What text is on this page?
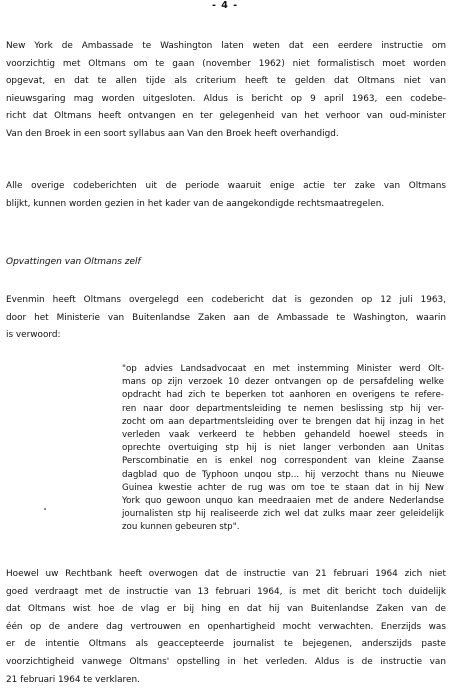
- 4 -
New York de Ambassade te Washington laten weten dat een eerdere instructie om
voorzichtig met Oltmans om te gaan (november 1962) niet formalistisch moet worden
opgevat, en dat te allen tijde als criterium heeft te gelden dat Oltmans niet van
nieuwsgaring mag worden uitgesloten. Aldus is bericht op 9 april 1963, een codebe-
richt dat Oltmans heeft ontvangen en ter gelegenheid van het verhoor van oud-minister
Van den Broek in een soort syllabus aan Van den Broek heeft overhandigd.
Alle overige codeberichten uit de periode waaruit enige actie ter zake van Oltmans
blijkt, kunnen worden gezien in het kader van de aangekondigde rechtsmaatregelen.
Opvattingen van Oltmans zelf
Evenmin heeft Oltmans overgelegd een codebericht dat is gezonden op 12 juli 1963,
door het Ministerie van Buitenlandse Zaken aan de Ambassade te Washington, waarin
is verwoord:
"op advies Landsadvocaat en met instemming Minister werd Olt-
mans op zijn verzoek 10 dezer ontvangen op de persafdeling welke
opdracht had zich te beperken tot aanhoren en overigens te referе-
ren naar door departmentsleiding te nemen beslissing stp hij ver-
zocht om aan departmentsleiding over te brengen dat hij inzag in het
verleden vaak verkeerd te hebben gehandeld hoewel steeds in
oprechte overtuiging stp hij is niet langer verbonden aan Unitas
Perscombinatie en is enkel nog correspondent van kleine Zaanse
dagblad quo de Typhoon unqou stp... hij verzocht thans nu Nieuwe
Guinea kwestie achter de rug was om toe te staan dat in hij New
York quo gewoon unquo kan meedraaien met de andere Nederlandse
journalisten stp hij realiseerde zich wel dat zulks maar zeer geleidelijk
zou kunnen gebeuren stp".
Hoewel uw Rechtbank heeft overwogen dat de instructie van 21 februari 1964 zich niet
goed verdraagt met de instructie van 13 februari 1964, is met dit bericht toch duidelijk
dat Oltmans wist hoe de vlag er bij hing en dat hij van Buitenlandse Zaken van de
één op de andere dag vertrouwen en openhartigheid mocht verwachten. Enerzijds was
er de intentie Oltmans als geaccepteerde journalist te bejegenen, anderszijds paste
voorzichtigheid vanwege Oltmans' opstelling in het verleden. Aldus is de instructie van
21 februari 1964 te verklaren.
